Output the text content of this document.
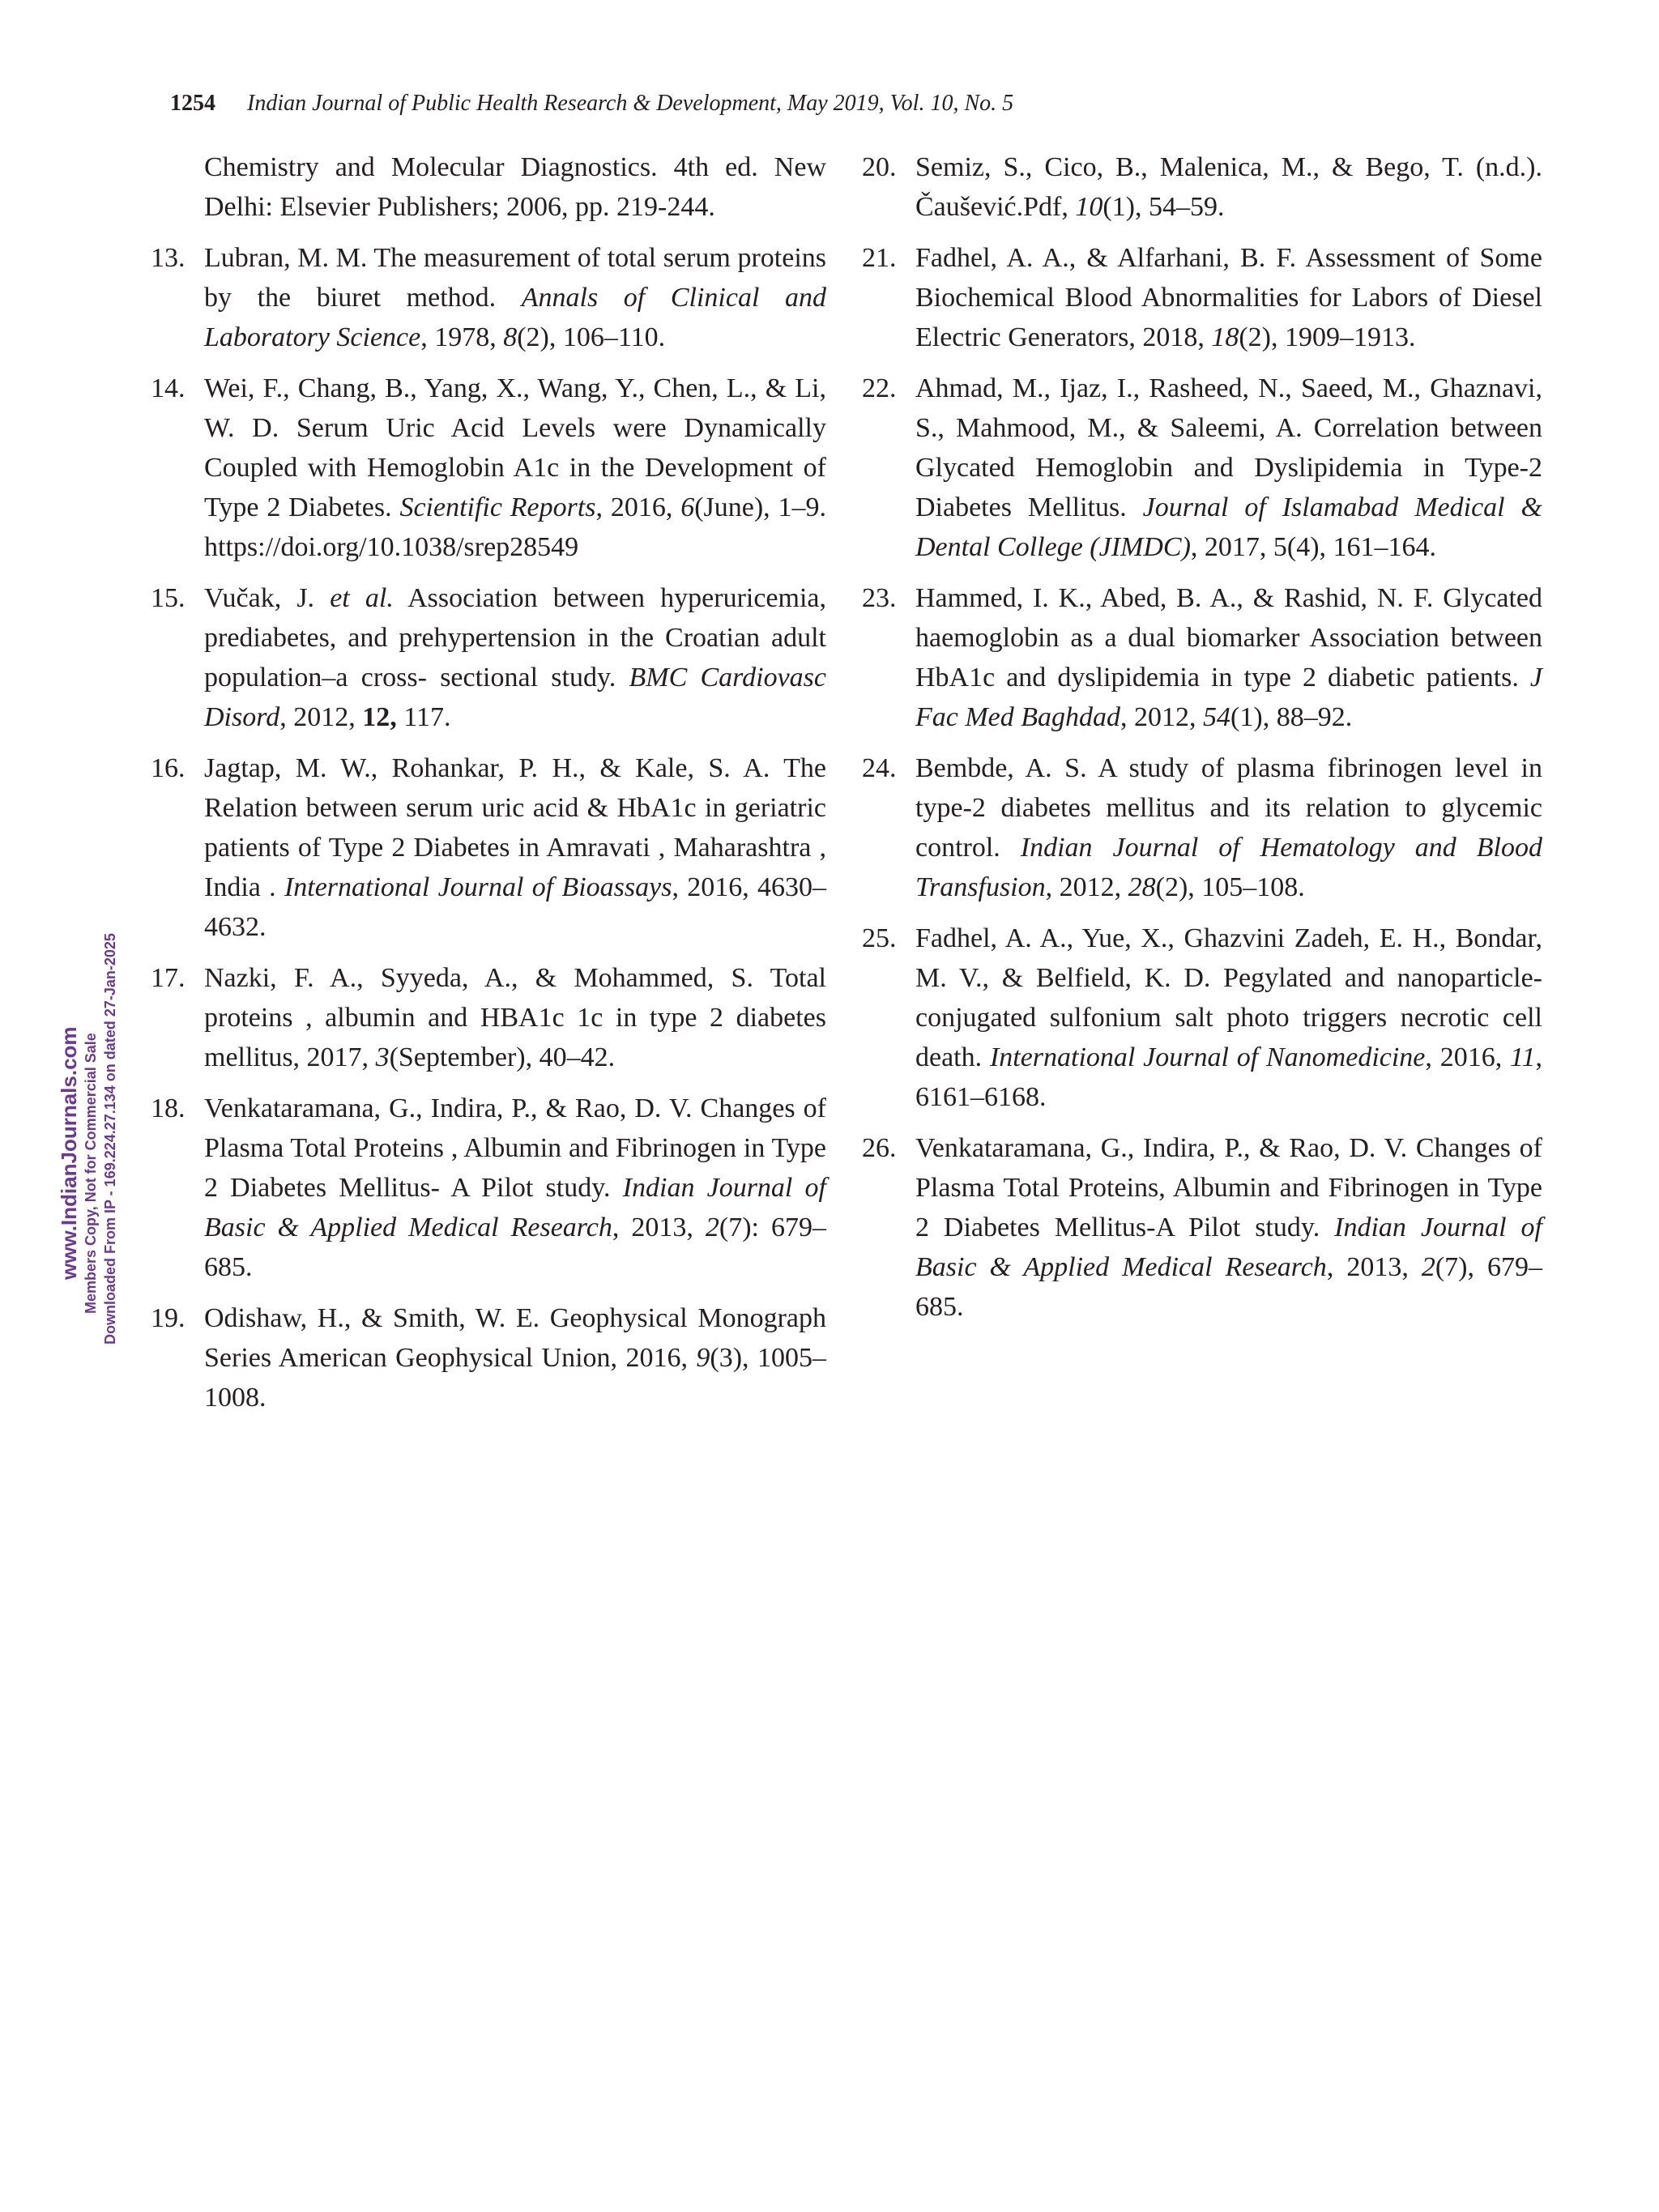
1254 Indian Journal of Public Health Research & Development, May 2019, Vol. 10, No. 5
www.IndianJournals.com Members Copy, Not for Commercial Sale Downloaded From IP - 169.224.27.134 on dated 27-Jan-2025
Chemistry and Molecular Diagnostics. 4th ed. New Delhi: Elsevier Publishers; 2006, pp. 219-244.
13. Lubran, M. M. The measurement of total serum proteins by the biuret method. Annals of Clinical and Laboratory Science, 1978, 8(2), 106–110.
14. Wei, F., Chang, B., Yang, X., Wang, Y., Chen, L., & Li, W. D. Serum Uric Acid Levels were Dynamically Coupled with Hemoglobin A1c in the Development of Type 2 Diabetes. Scientific Reports, 2016, 6(June), 1–9. https://doi.org/10.1038/srep28549
15. Vučak, J. et al. Association between hyperuricemia, prediabetes, and prehypertension in the Croatian adult population–a cross- sectional study. BMC Cardiovasc Disord, 2012, 12, 117.
16. Jagtap, M. W., Rohankar, P. H., & Kale, S. A. The Relation between serum uric acid & HbA1c in geriatric patients of Type 2 Diabetes in Amravati , Maharashtra , India . International Journal of Bioassays, 2016, 4630–4632.
17. Nazki, F. A., Syyeda, A., & Mohammed, S. Total proteins , albumin and HBA1c 1c in type 2 diabetes mellitus, 2017, 3(September), 40–42.
18. Venkataramana, G., Indira, P., & Rao, D. V. Changes of Plasma Total Proteins , Albumin and Fibrinogen in Type 2 Diabetes Mellitus- A Pilot study. Indian Journal of Basic & Applied Medical Research, 2013, 2(7): 679–685.
19. Odishaw, H., & Smith, W. E. Geophysical Monograph Series American Geophysical Union, 2016, 9(3), 1005–1008.
20. Semiz, S., Cico, B., Malenica, M., & Bego, T. (n.d.). Čaušević.Pdf, 10(1), 54–59.
21. Fadhel, A. A., & Alfarhani, B. F. Assessment of Some Biochemical Blood Abnormalities for Labors of Diesel Electric Generators, 2018, 18(2), 1909–1913.
22. Ahmad, M., Ijaz, I., Rasheed, N., Saeed, M., Ghaznavi, S., Mahmood, M., & Saleemi, A. Correlation between Glycated Hemoglobin and Dyslipidemia in Type-2 Diabetes Mellitus. Journal of Islamabad Medical & Dental College (JIMDC), 2017, 5(4), 161–164.
23. Hammed, I. K., Abed, B. A., & Rashid, N. F. Glycated haemoglobin as a dual biomarker Association between HbA1c and dyslipidemia in type 2 diabetic patients. J Fac Med Baghdad, 2012, 54(1), 88–92.
24. Bembde, A. S. A study of plasma fibrinogen level in type-2 diabetes mellitus and its relation to glycemic control. Indian Journal of Hematology and Blood Transfusion, 2012, 28(2), 105–108.
25. Fadhel, A. A., Yue, X., Ghazvini Zadeh, E. H., Bondar, M. V., & Belfield, K. D. Pegylated and nanoparticle-conjugated sulfonium salt photo triggers necrotic cell death. International Journal of Nanomedicine, 2016, 11, 6161–6168.
26. Venkataramana, G., Indira, P., & Rao, D. V. Changes of Plasma Total Proteins, Albumin and Fibrinogen in Type 2 Diabetes Mellitus-A Pilot study. Indian Journal of Basic & Applied Medical Research, 2013, 2(7), 679–685.
